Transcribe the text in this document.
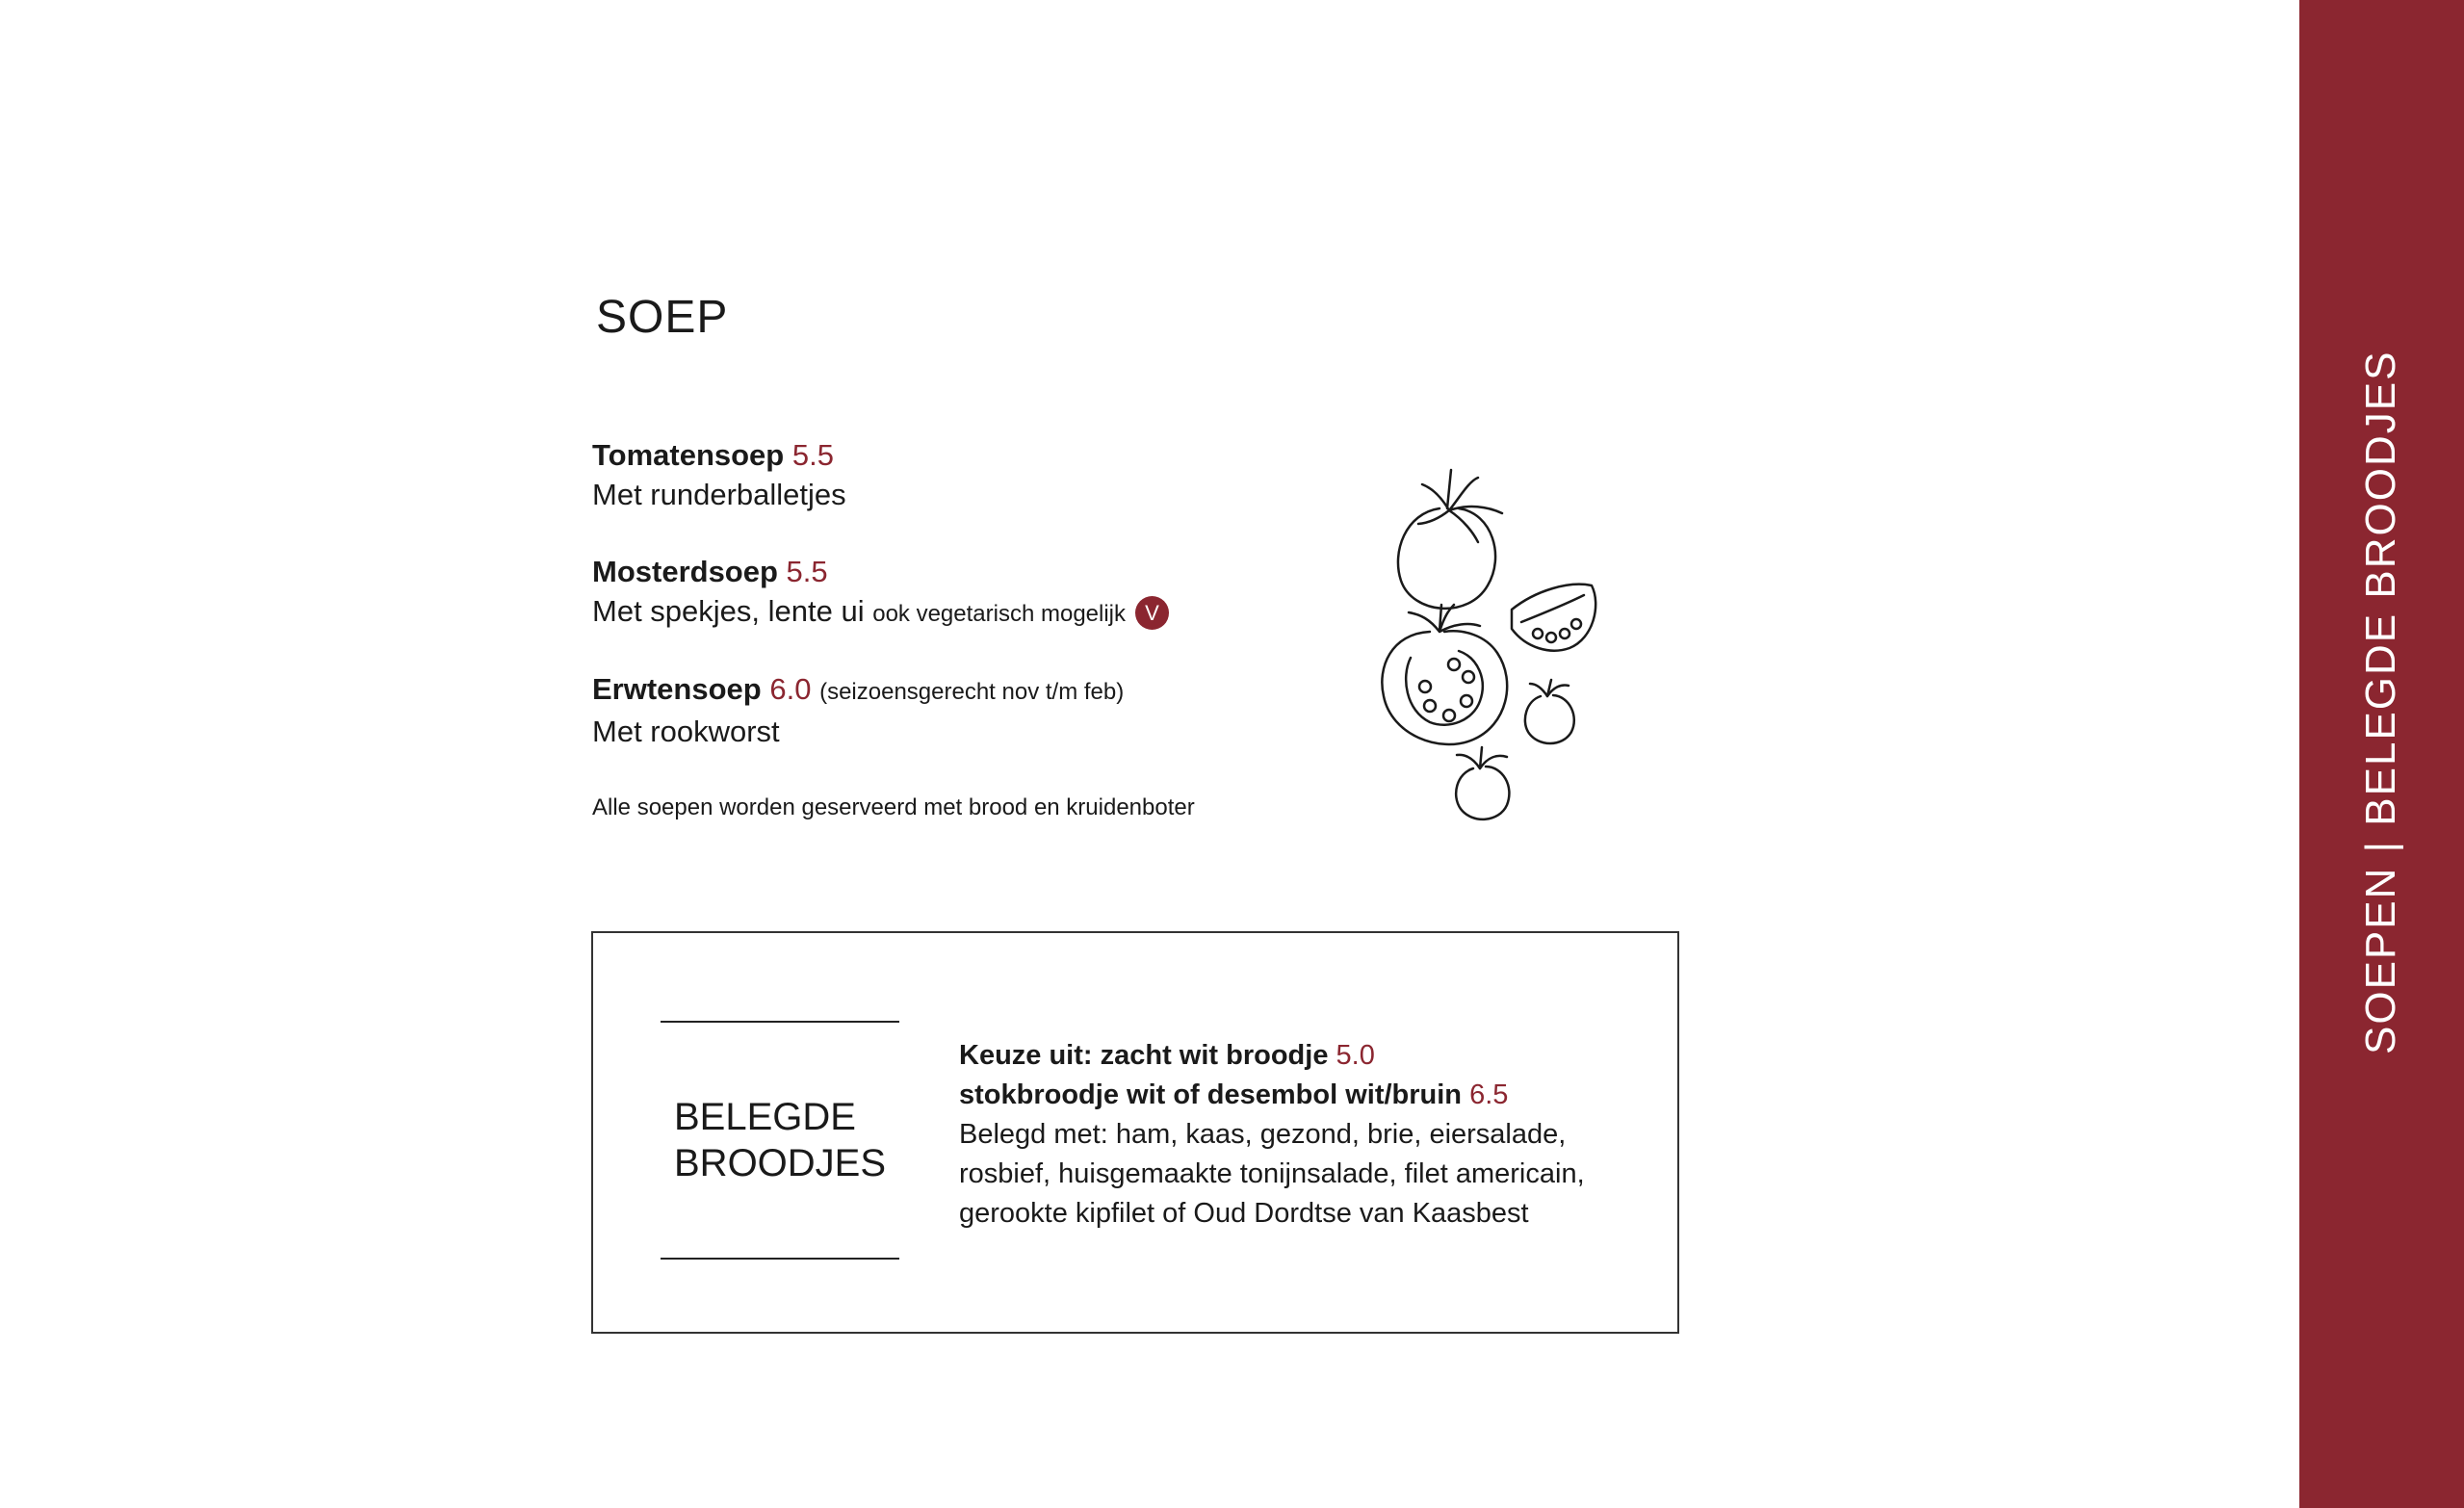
SOEP
Tomatensoep 5.5
Met runderballetjes
Mosterdsoep 5.5
Met spekjes, lente ui ook vegetarisch mogelijk V
Erwtensoep 6.0 (seizoensgerecht nov t/m feb)
Met rookworst
Alle soepen worden geserveerd met brood en kruidenboter
BELEGDE
BROODJES
Keuze uit: zacht wit broodje 5.0
stokbroodje wit of desembol wit/bruin 6.5
Belegd met: ham, kaas, gezond, brie, eiersalade,
rosbief, huisgemaakte tonijnsalade, filet americain,
gerookte kipfilet of Oud Dordtse van Kaasbest
SOEPEN | BELEGDE BROODJES
